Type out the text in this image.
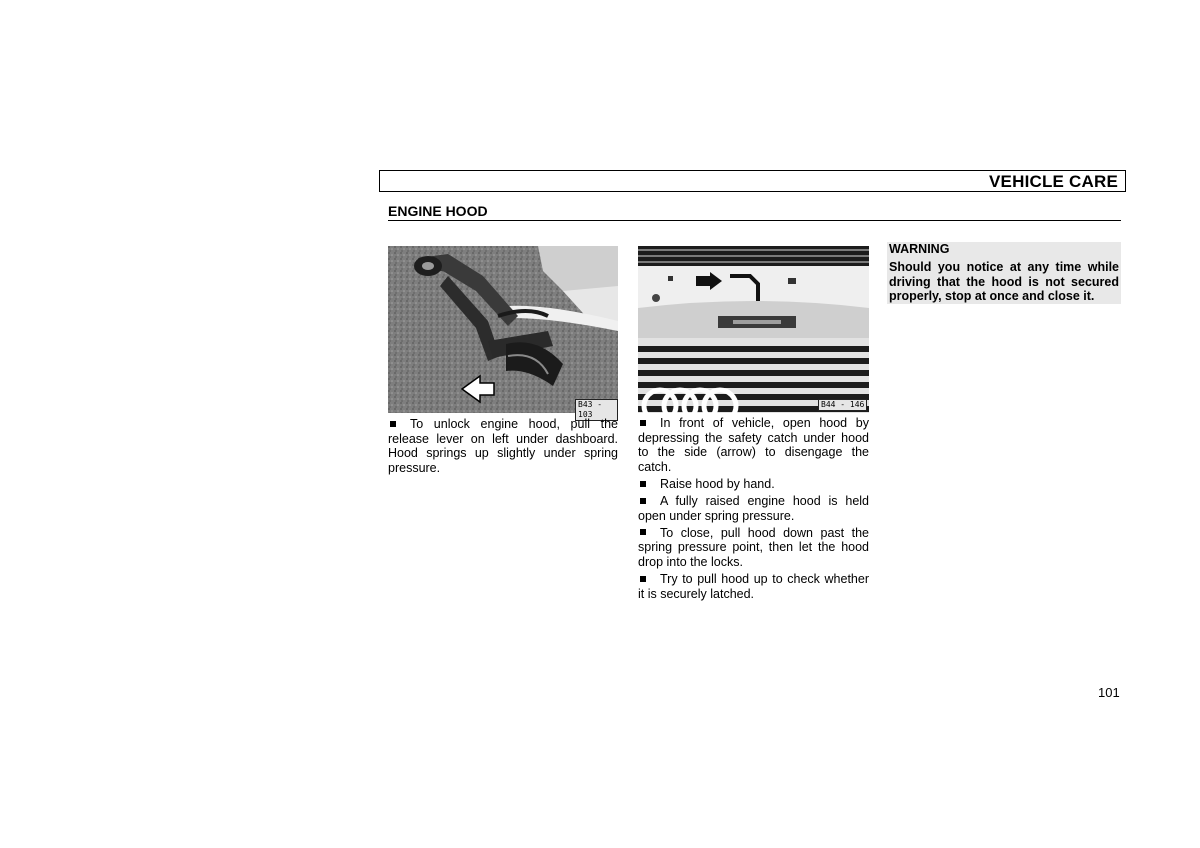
VEHICLE CARE
ENGINE HOOD
B43 - 103
B44 - 146

To unlock engine hood, pull the release lever on left under dashboard. Hood springs up slightly under spring pressure.

In front of vehicle, open hood by depressing the safety catch under hood to the side (arrow) to disengage the catch.

Raise hood by hand.

A fully raised engine hood is held open under spring pressure.

To close, pull hood down past the spring pressure point, then let the hood drop into the locks.

Try to pull hood up to check whether it is securely latched.

WARNING
Should you notice at any time while driving that the hood is not secured properly, stop at once and close it.
101
